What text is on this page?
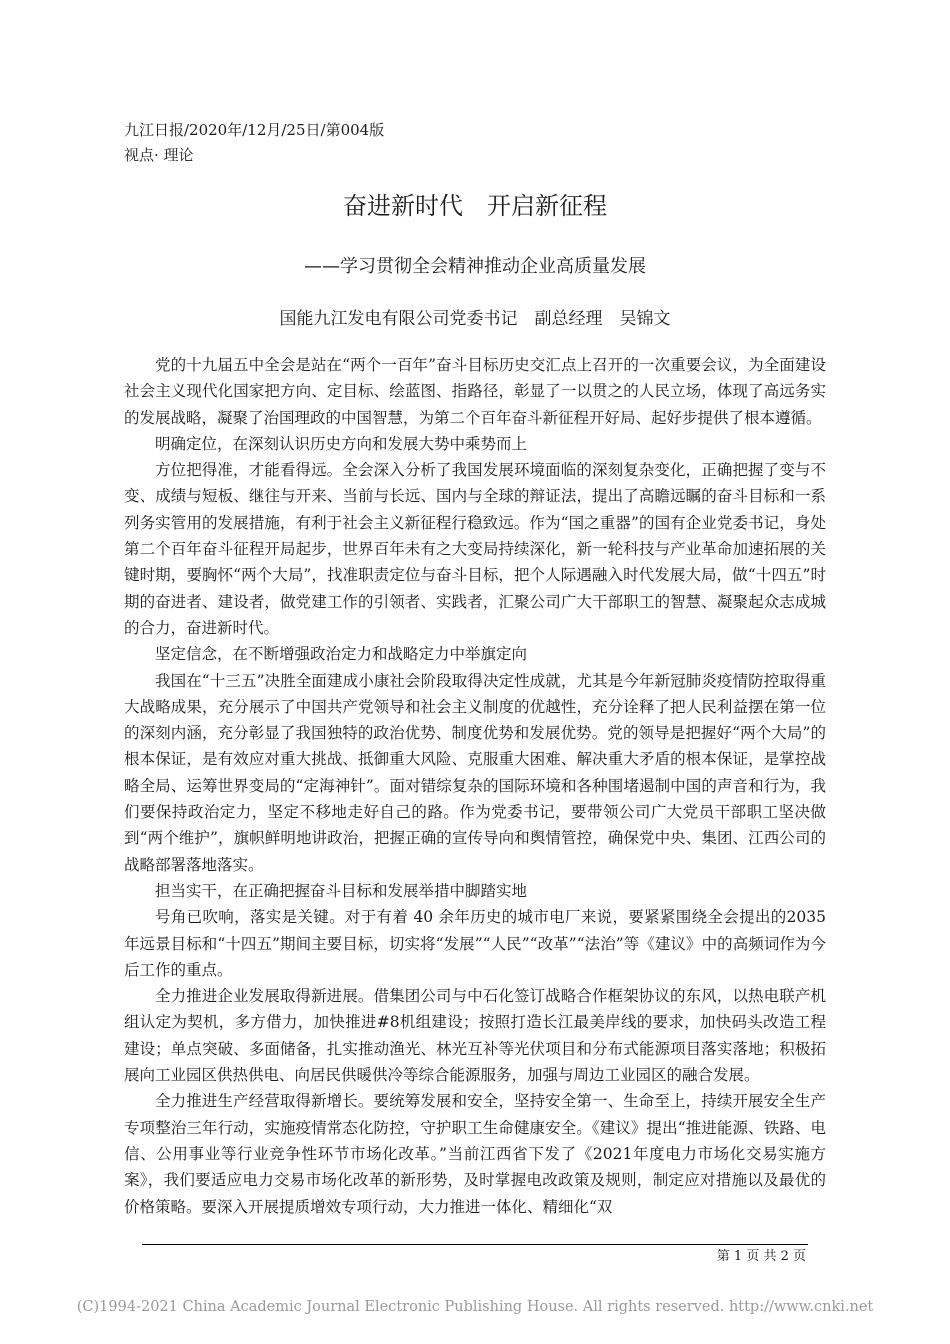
九江日报/2020年/12月/25日/第004版
视点· 理论
奋进新时代　开启新征程
——学习贯彻全会精神推动企业高质量发展
国能九江发电有限公司党委书记　副总经理　吴锦文

党的十九届五中全会是站在“两个一百年”奋斗目标历史交汇点上召开的一次重要会议，为全面建设社会主义现代化国家把方向、定目标、绘蓝图、指路径，彰显了一以贯之的人民立场，体现了高远务实的发展战略，凝聚了治国理政的中国智慧，为第二个百年奋斗新征程开好局、起好步提供了根本遵循。

明确定位，在深刻认识历史方向和发展大势中乘势而上

方位把得准，才能看得远。全会深入分析了我国发展环境面临的深刻复杂变化，正确把握了变与不变、成绩与短板、继往与开来、当前与长远、国内与全球的辩证法，提出了高瞻远瞩的奋斗目标和一系列务实管用的发展措施，有利于社会主义新征程行稳致远。作为“国之重器”的国有企业党委书记，身处第二个百年奋斗征程开局起步，世界百年未有之大变局持续深化，新一轮科技与产业革命加速拓展的关键时期，要胸怀“两个大局”，找准职责定位与奋斗目标，把个人际遇融入时代发展大局，做“十四五”时期的奋进者、建设者，做党建工作的引领者、实践者，汇聚公司广大干部职工的智慧、凝聚起众志成城的合力，奋进新时代。

坚定信念，在不断增强政治定力和战略定力中举旗定向

我国在“十三五”决胜全面建成小康社会阶段取得决定性成就，尤其是今年新冠肺炎疫情防控取得重大战略成果，充分展示了中国共产党领导和社会主义制度的优越性，充分诠释了把人民利益摆在第一位的深刻内涵，充分彰显了我国独特的政治优势、制度优势和发展优势。党的领导是把握好“两个大局”的根本保证，是有效应对重大挑战、抵御重大风险、克服重大困难、解决重大矛盾的根本保证，是掌控战略全局、运筹世界变局的“定海神针”。面对错综复杂的国际环境和各种围堵遏制中国的声音和行为，我们要保持政治定力，坚定不移地走好自己的路。作为党委书记，要带领公司广大党员干部职工坚决做到“两个维护”，旗帜鲜明地讲政治，把握正确的宣传导向和舆情管控，确保党中央、集团、江西公司的战略部署落地落实。

担当实干，在正确把握奋斗目标和发展举措中脚踏实地

号角已吹响，落实是关键。对于有着 40 余年历史的城市电厂来说，要紧紧围绕全会提出的2035年远景目标和“十四五”期间主要目标，切实将“发展”“人民”“改革”“法治”等《建议》中的高频词作为今后工作的重点。

全力推进企业发展取得新进展。借集团公司与中石化签订战略合作框架协议的东风，以热电联产机组认定为契机，多方借力，加快推进#8机组建设；按照打造长江最美岸线的要求，加快码头改造工程建设；单点突破、多面储备，扎实推动渔光、林光互补等光伏项目和分布式能源项目落实落地；积极拓展向工业园区供热供电、向居民供暖供冷等综合能源服务，加强与周边工业园区的融合发展。

全力推进生产经营取得新增长。要统筹发展和安全，坚持安全第一、生命至上，持续开展安全生产专项整治三年行动，实施疫情常态化防控，守护职工生命健康安全。《建议》提出“推进能源、铁路、电信、公用事业等行业竞争性环节市场化改革。”当前江西省下发了《2021年度电力市场化交易实施方案》，我们要适应电力交易市场化改革的新形势，及时掌握电改政策及规则，制定应对措施以及最优的价格策略。要深入开展提质增效专项行动，大力推进一体化、精细化“双

第 1 页 共 2 页
(C)1994-2021 China Academic Journal Electronic Publishing House. All rights reserved. http://www.cnki.net
